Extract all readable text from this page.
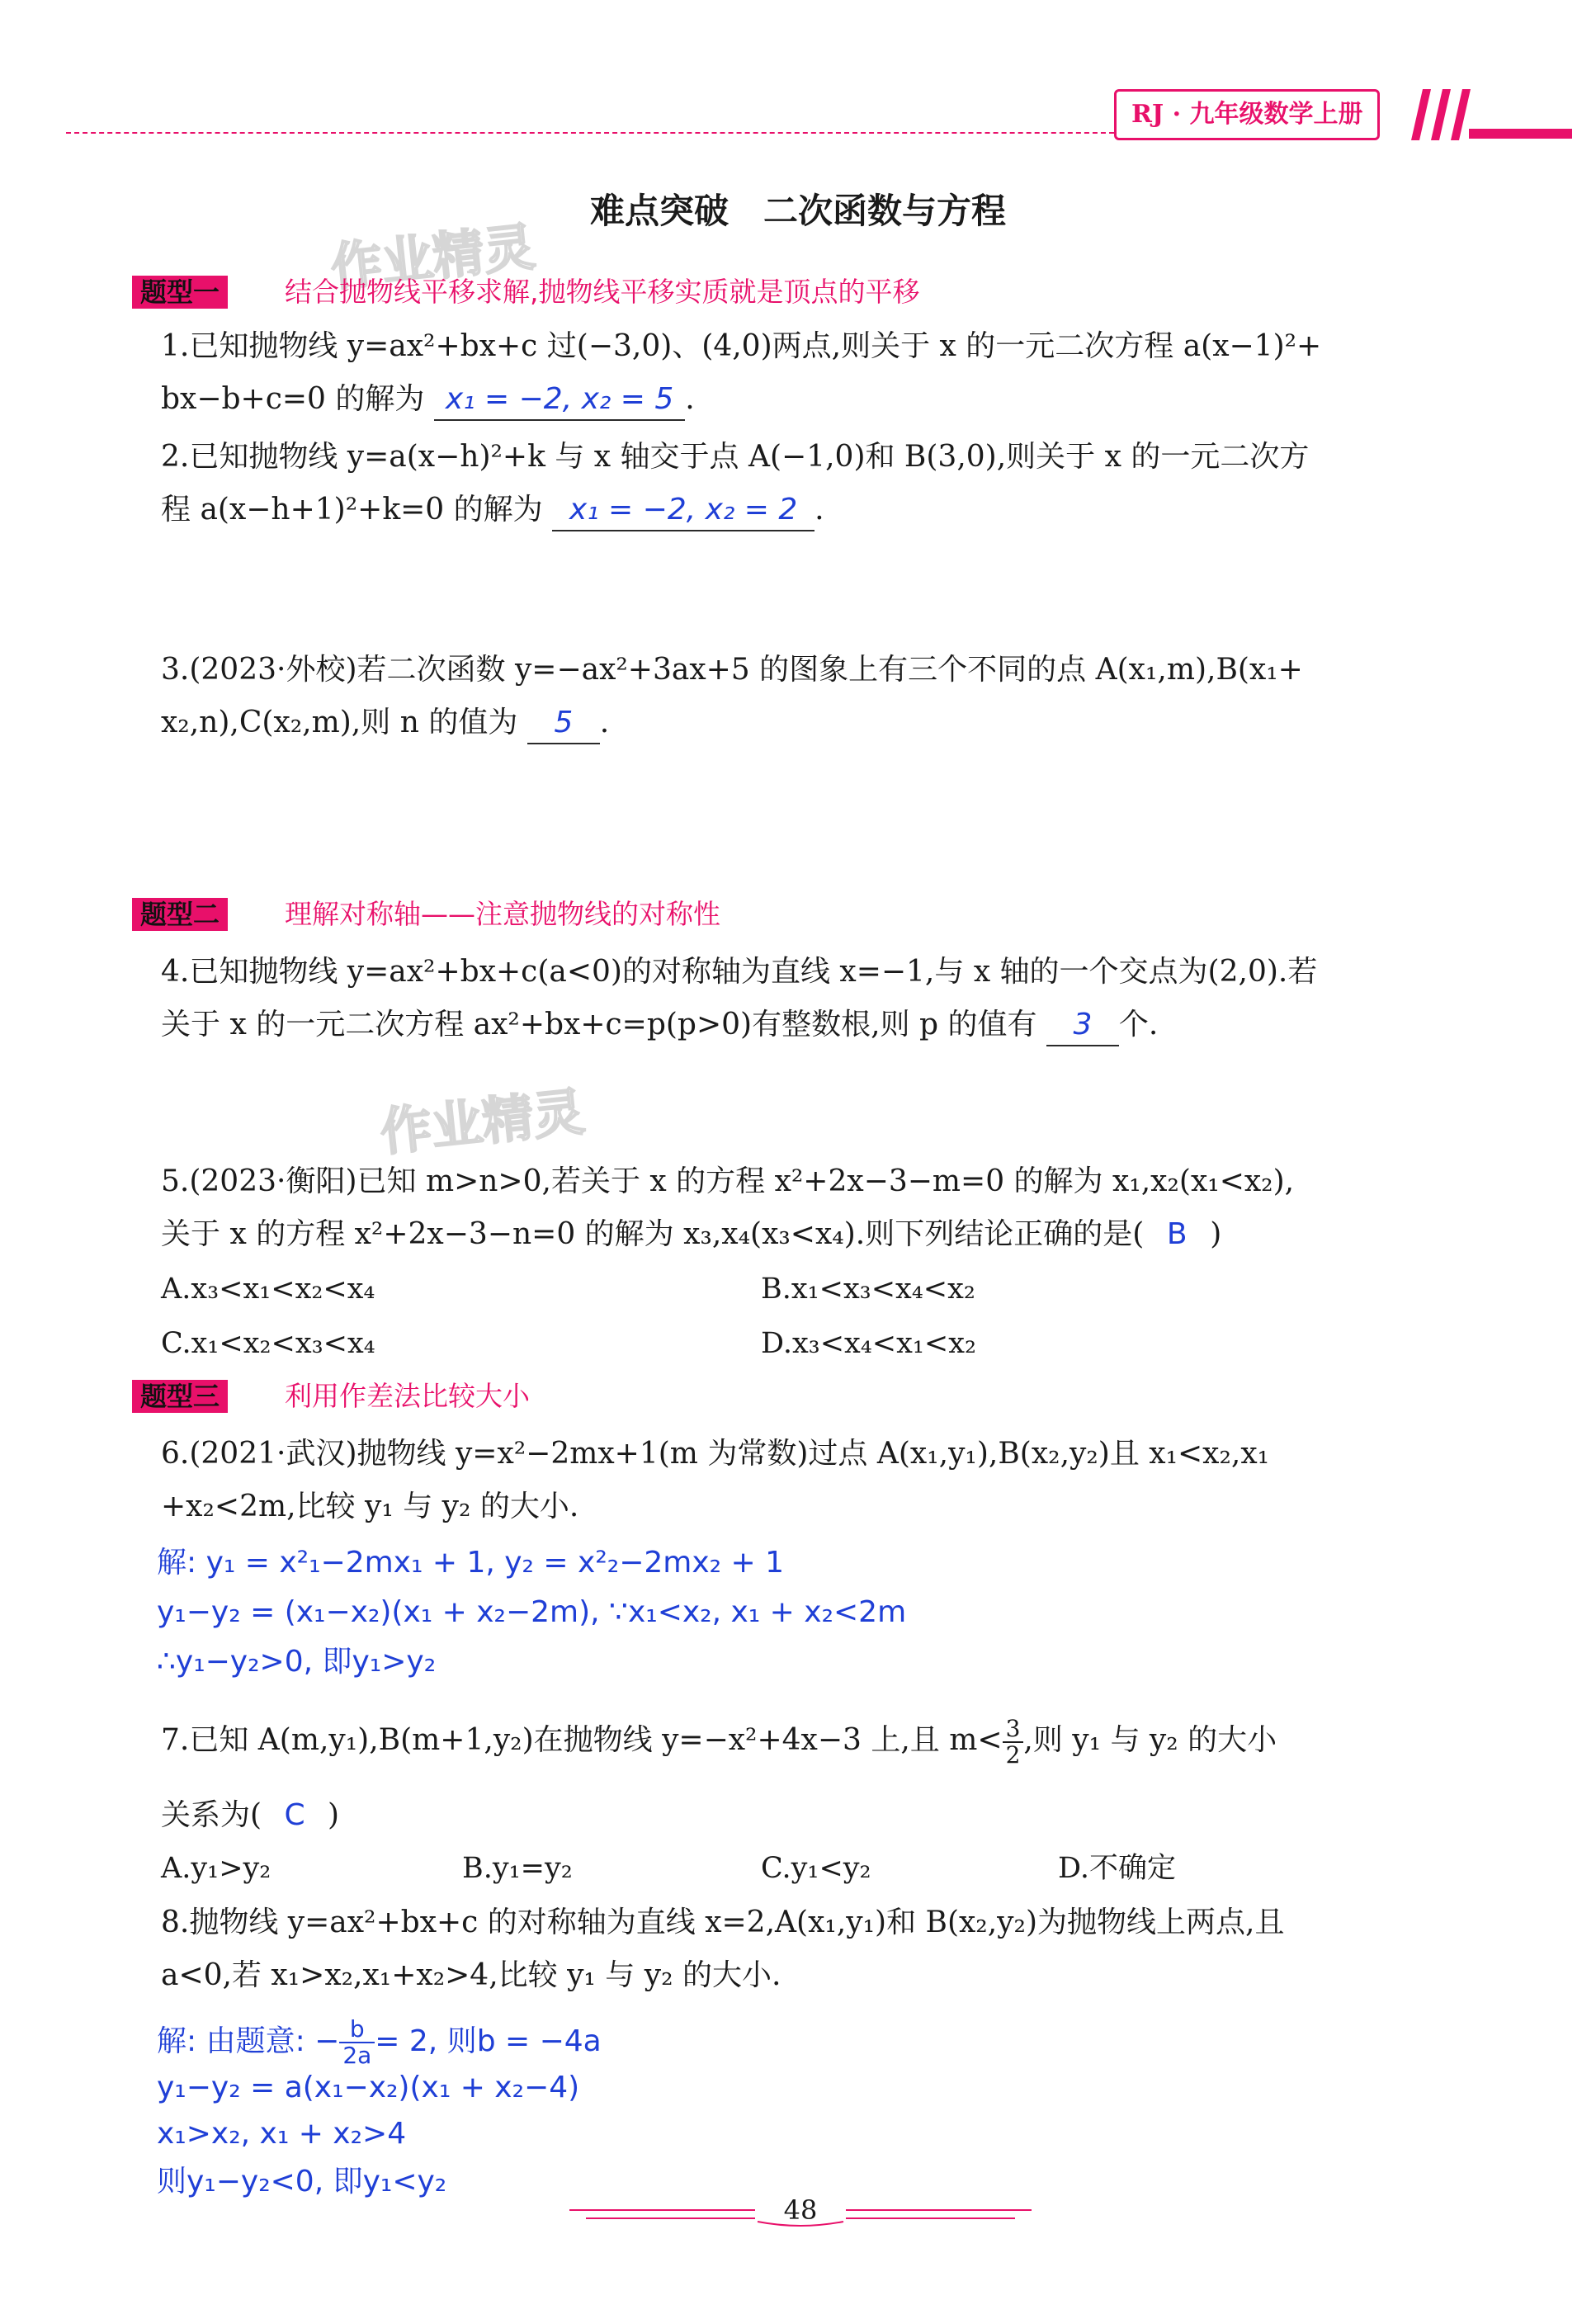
RJ · 九年级数学上册
难点突破　二次函数与方程
作业精灵
作业精灵
题型一	结合抛物线平移求解,抛物线平移实质就是顶点的平移
1.已知抛物线 y=ax²+bx+c 过(−3,0)、(4,0)两点,则关于 x 的一元二次方程 a(x−1)²+
bx−b+c=0 的解为 x₁ = −2, x₂ = 5 .
2.已知抛物线 y=a(x−h)²+k 与 x 轴交于点 A(−1,0)和 B(3,0),则关于 x 的一元二次方
程 a(x−h+1)²+k=0 的解为 x₁ = −2, x₂ = 2 .
3.(2023·外校)若二次函数 y=−ax²+3ax+5 的图象上有三个不同的点 A(x₁,m),B(x₁+
x₂,n),C(x₂,m),则 n 的值为 5 .
题型二	理解对称轴——注意抛物线的对称性
4.已知抛物线 y=ax²+bx+c(a<0)的对称轴为直线 x=−1,与 x 轴的一个交点为(2,0).若
关于 x 的一元二次方程 ax²+bx+c=p(p>0)有整数根,则 p 的值有 3 个.
5.(2023·衡阳)已知 m>n>0,若关于 x 的方程 x²+2x−3−m=0 的解为 x₁,x₂(x₁<x₂),
关于 x 的方程 x²+2x−3−n=0 的解为 x₃,x₄(x₃<x₄).则下列结论正确的是( B )
A.x₃<x₁<x₂<x₄	B.x₁<x₃<x₄<x₂
C.x₁<x₂<x₃<x₄	D.x₃<x₄<x₁<x₂
题型三	利用作差法比较大小
6.(2021·武汉)抛物线 y=x²−2mx+1(m 为常数)过点 A(x₁,y₁),B(x₂,y₂)且 x₁<x₂,x₁
+x₂<2m,比较 y₁ 与 y₂ 的大小.
解: y₁ = x²₁−2mx₁ + 1, y₂ = x²₂−2mx₂ + 1
y₁−y₂ = (x₁−x₂)(x₁ + x₂−2m), ∵x₁<x₂, x₁ + x₂<2m
∴y₁−y₂>0, 即y₁>y₂
7.已知 A(m,y₁),B(m+1,y₂)在抛物线 y=−x²+4x−3 上,且 $m< \frac{3}{2}$ ,则 y₁ 与 y₂ 的大小
关系为( C )
A.y₁>y₂	B.y₁=y₂	C.y₁<y₂	D.不确定
8.抛物线 y=ax²+bx+c 的对称轴为直线 x=2,A(x₁,y₁)和 B(x₂,y₂)为抛物线上两点,且
a<0,若 x₁>x₂,x₁+x₂>4,比较 y₁ 与 y₂ 的大小.
解: 由题意: − $\frac{b}{2a} = 2$, 则b = −4a
y₁−y₂ = a(x₁−x₂)(x₁ + x₂−4)
x₁>x₂, x₁ + x₂>4
则y₁−y₂<0, 即y₁<y₂
48
